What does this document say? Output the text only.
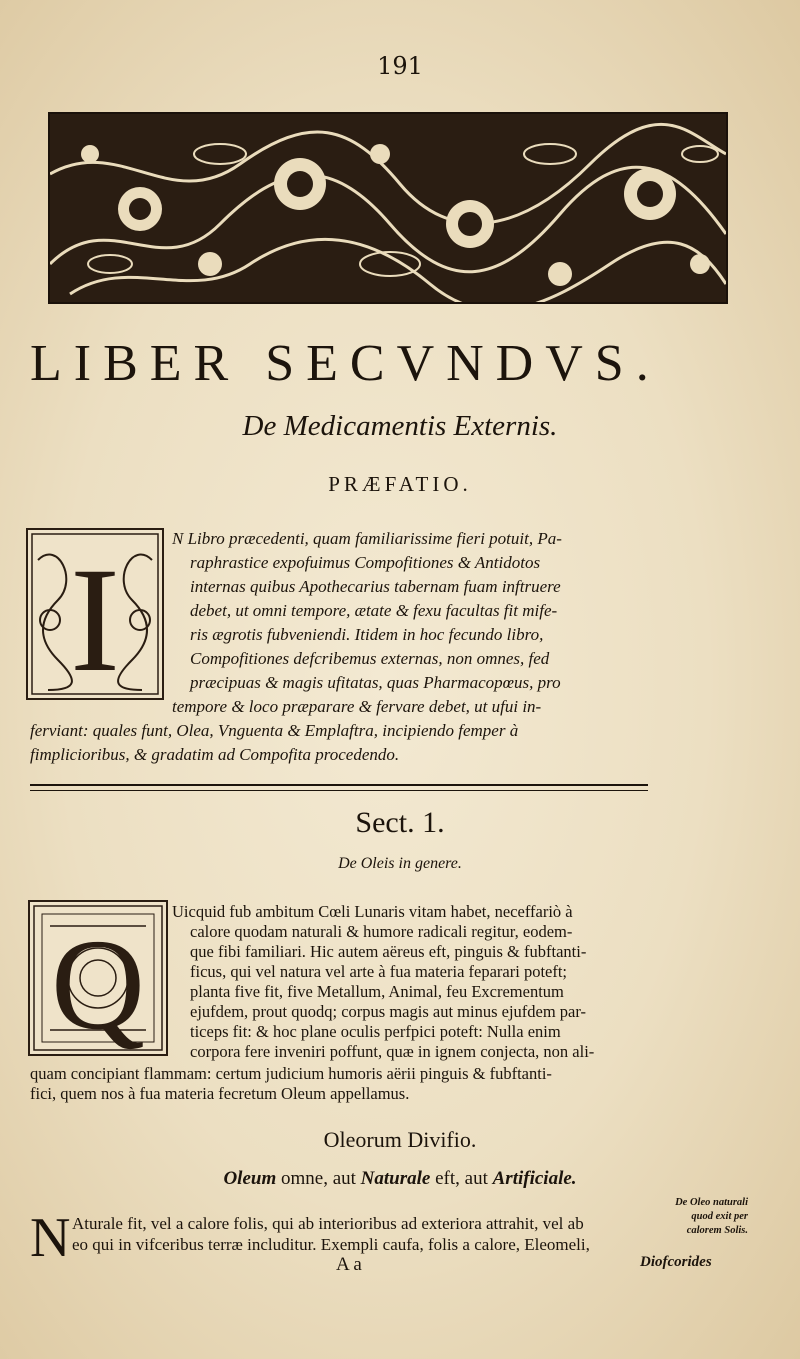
191
LIBER SECVNDVS.
De Medicamentis Externis.
PRÆFATIO.
I	N Libro præcedenti, quam familiarissime fieri potuit, Pa-
raphrastice expofuimus Compofitiones & Antidotos
internas quibus Apothecarius tabernam fuam inftruere
debet, ut omni tempore, ætate & fexu facultas fit mife-
ris ægrotis fubveniendi. Itidem in hoc fecundo libro,
Compofitiones defcribemus externas, non omnes, fed
præcipuas & magis ufitatas, quas Pharmacopœus, pro
tempore & loco præparare & fervare debet, ut ufui in-
ferviant: quales funt, Olea, Vnguenta & Emplaftra, incipiendo femper à
fimplicioribus, & gradatim ad Compofita procedendo.
Sect. 1.
De Oleis in genere.
Q
Uicquid fub ambitum Cœli Lunaris vitam habet, neceffariò à
calore quodam naturali & humore radicali regitur, eodem-
que fibi familiari. Hic autem aëreus eft, pinguis & fubftanti-
ficus, qui vel natura vel arte à fua materia feparari poteft;
planta five fit, five Metallum, Animal, feu Excrementum
ejufdem, prout quodq; corpus magis aut minus ejufdem par-
ticeps fit: & hoc plane oculis perfpici poteft: Nulla enim
corpora fere inveniri poffunt, quæ in ignem conjecta, non ali-
quam concipiant flammam: certum judicium humoris aërii pinguis & fubftanti-
fici, quem nos à fua materia fecretum Oleum appellamus.
Oleorum Divifio.
Oleum omne, aut Naturale eft, aut Artificiale.
De Oleo naturali
quod exit per
calorem Solis.
N Aturale fit, vel a calore folis, qui ab interioribus ad exteriora attrahit, vel ab
eo qui in vifceribus terræ includitur. Exempli caufa, folis a calore, Eleomeli,
A a	Diofcorides
